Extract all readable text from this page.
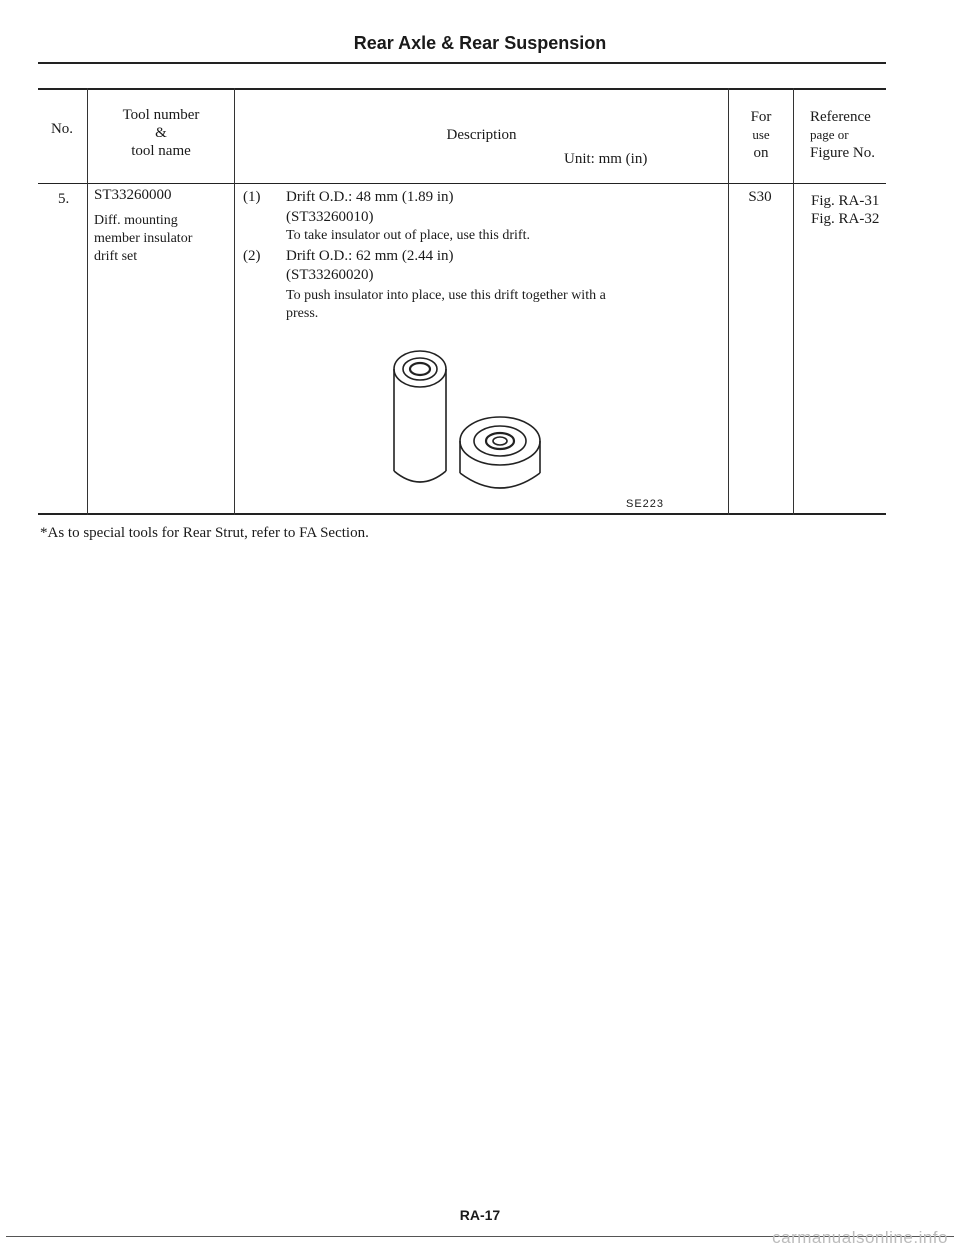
Rear Axle & Rear Suspension
No.
Tool number
&
tool name
Description
Unit: mm (in)
For
use
on
Reference
page or
Figure No.
5. ST33260000
Diff. mounting
member insulator
drift set
(1) Drift O.D.: 48 mm (1.89 in)
(ST33260010)
To take insulator out of place, use this drift.
(2) Drift O.D.: 62 mm (2.44 in)
(ST33260020)
To push insulator into place, use this drift together with a
press.
S30	Fig. RA-31
Fig. RA-32
SE223
*As to special tools for Rear Strut, refer to FA Section.
RA-17
carmanualsonline.info
